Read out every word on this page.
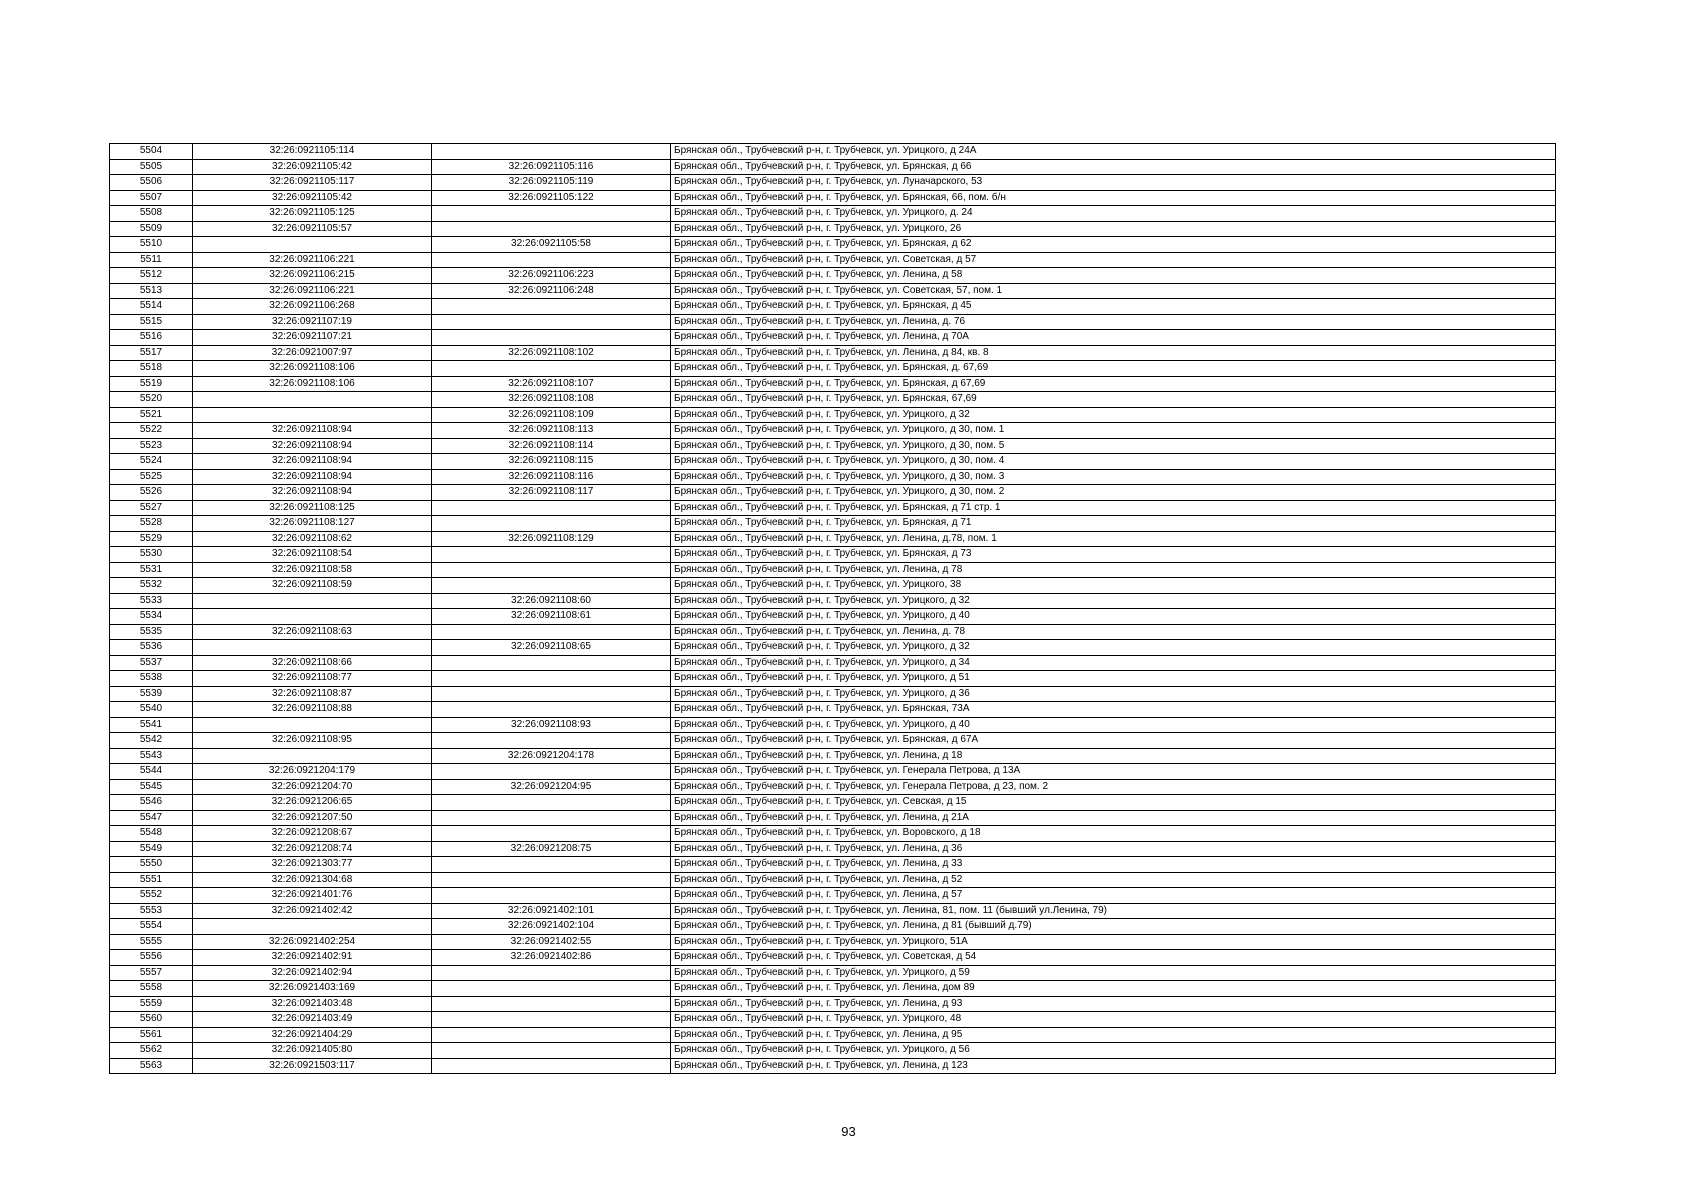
5504	32:26:0921105:114		Брянская обл., Трубчевский р-н, г. Трубчевск, ул. Урицкого, д 24А
5505	32:26:0921105:42	32:26:0921105:116	Брянская обл., Трубчевский р-н, г. Трубчевск, ул. Брянская, д 66
5506	32:26:0921105:117	32:26:0921105:119	Брянская обл., Трубчевский р-н, г. Трубчевск, ул. Луначарского, 53
5507	32:26:0921105:42	32:26:0921105:122	Брянская обл., Трубчевский р-н, г. Трубчевск, ул. Брянская, 66, пом. б/н
5508	32:26:0921105:125		Брянская обл., Трубчевский р-н, г. Трубчевск, ул. Урицкого, д. 24
5509	32:26:0921105:57		Брянская обл., Трубчевский р-н, г. Трубчевск, ул. Урицкого, 26
5510		32:26:0921105:58	Брянская обл., Трубчевский р-н, г. Трубчевск, ул. Брянская, д 62
5511	32:26:0921106:221		Брянская обл., Трубчевский р-н, г. Трубчевск, ул. Советская, д 57
5512	32:26:0921106:215	32:26:0921106:223	Брянская обл., Трубчевский р-н, г. Трубчевск, ул. Ленина, д 58
5513	32:26:0921106:221	32:26:0921106:248	Брянская обл., Трубчевский р-н, г. Трубчевск, ул. Советская, 57, пом. 1
5514	32:26:0921106:268		Брянская обл., Трубчевский р-н, г. Трубчевск, ул. Брянская, д 45
5515	32:26:0921107:19		Брянская обл., Трубчевский р-н, г. Трубчевск, ул. Ленина, д. 76
5516	32:26:0921107:21		Брянская обл., Трубчевский р-н, г. Трубчевск, ул. Ленина, д 70А
5517	32:26:0921007:97	32:26:0921108:102	Брянская обл., Трубчевский р-н, г. Трубчевск, ул. Ленина, д 84, кв. 8
5518	32:26:0921108:106		Брянская обл., Трубчевский р-н, г. Трубчевск, ул. Брянская, д. 67,69
5519	32:26:0921108:106	32:26:0921108:107	Брянская обл., Трубчевский р-н, г. Трубчевск, ул. Брянская, д 67,69
5520		32:26:0921108:108	Брянская обл., Трубчевский р-н, г. Трубчевск, ул. Брянская, 67,69
5521		32:26:0921108:109	Брянская обл., Трубчевский р-н, г. Трубчевск, ул. Урицкого, д 32
5522	32:26:0921108:94	32:26:0921108:113	Брянская обл., Трубчевский р-н, г. Трубчевск, ул. Урицкого, д 30, пом. 1
5523	32:26:0921108:94	32:26:0921108:114	Брянская обл., Трубчевский р-н, г. Трубчевск, ул. Урицкого, д 30, пом. 5
5524	32:26:0921108:94	32:26:0921108:115	Брянская обл., Трубчевский р-н, г. Трубчевск, ул. Урицкого, д 30, пом. 4
5525	32:26:0921108:94	32:26:0921108:116	Брянская обл., Трубчевский р-н, г. Трубчевск, ул. Урицкого, д 30, пом. 3
5526	32:26:0921108:94	32:26:0921108:117	Брянская обл., Трубчевский р-н, г. Трубчевск, ул. Урицкого, д 30, пом. 2
5527	32:26:0921108:125		Брянская обл., Трубчевский р-н, г. Трубчевск, ул. Брянская, д 71 стр. 1
5528	32:26:0921108:127		Брянская обл., Трубчевский р-н, г. Трубчевск, ул. Брянская, д 71
5529	32:26:0921108:62	32:26:0921108:129	Брянская обл., Трубчевский р-н, г. Трубчевск, ул. Ленина, д.78, пом. 1
5530	32:26:0921108:54		Брянская обл., Трубчевский р-н, г. Трубчевск, ул. Брянская, д 73
5531	32:26:0921108:58		Брянская обл., Трубчевский р-н, г. Трубчевск, ул. Ленина, д 78
5532	32:26:0921108:59		Брянская обл., Трубчевский р-н, г. Трубчевск, ул. Урицкого, 38
5533		32:26:0921108:60	Брянская обл., Трубчевский р-н, г. Трубчевск, ул. Урицкого, д 32
5534		32:26:0921108:61	Брянская обл., Трубчевский р-н, г. Трубчевск, ул. Урицкого, д 40
5535	32:26:0921108:63		Брянская обл., Трубчевский р-н, г. Трубчевск, ул. Ленина, д. 78
5536		32:26:0921108:65	Брянская обл., Трубчевский р-н, г. Трубчевск, ул. Урицкого, д 32
5537	32:26:0921108:66		Брянская обл., Трубчевский р-н, г. Трубчевск, ул. Урицкого, д 34
5538	32:26:0921108:77		Брянская обл., Трубчевский р-н, г. Трубчевск, ул. Урицкого, д 51
5539	32:26:0921108:87		Брянская обл., Трубчевский р-н, г. Трубчевск, ул. Урицкого, д 36
5540	32:26:0921108:88		Брянская обл., Трубчевский р-н, г. Трубчевск, ул. Брянская, 73А
5541		32:26:0921108:93	Брянская обл., Трубчевский р-н, г. Трубчевск, ул. Урицкого, д 40
5542	32:26:0921108:95		Брянская обл., Трубчевский р-н, г. Трубчевск, ул. Брянская, д 67А
5543		32:26:0921204:178	Брянская обл., Трубчевский р-н, г. Трубчевск, ул. Ленина, д 18
5544	32:26:0921204:179		Брянская обл., Трубчевский р-н, г. Трубчевск, ул. Генерала Петрова, д 13А
5545	32:26:0921204:70	32:26:0921204:95	Брянская обл., Трубчевский р-н, г. Трубчевск, ул. Генерала Петрова, д 23, пом. 2
5546	32:26:0921206:65		Брянская обл., Трубчевский р-н, г. Трубчевск, ул. Севская, д 15
5547	32:26:0921207:50		Брянская обл., Трубчевский р-н, г. Трубчевск, ул. Ленина, д 21А
5548	32:26:0921208:67		Брянская обл., Трубчевский р-н, г. Трубчевск, ул. Воровского, д 18
5549	32:26:0921208:74	32:26:0921208:75	Брянская обл., Трубчевский р-н, г. Трубчевск, ул. Ленина, д 36
5550	32:26:0921303:77		Брянская обл., Трубчевский р-н, г. Трубчевск, ул. Ленина, д 33
5551	32:26:0921304:68		Брянская обл., Трубчевский р-н, г. Трубчевск, ул. Ленина, д 52
5552	32:26:0921401:76		Брянская обл., Трубчевский р-н, г. Трубчевск, ул. Ленина, д 57
5553	32:26:0921402:42	32:26:0921402:101	Брянская обл., Трубчевский р-н, г. Трубчевск, ул. Ленина, 81, пом. 11 (бывший ул.Ленина, 79)
5554		32:26:0921402:104	Брянская обл., Трубчевский р-н, г. Трубчевск, ул. Ленина, д 81 (бывший д.79)
5555	32:26:0921402:254	32:26:0921402:55	Брянская обл., Трубчевский р-н, г. Трубчевск, ул. Урицкого, 51А
5556	32:26:0921402:91	32:26:0921402:86	Брянская обл., Трубчевский р-н, г. Трубчевск, ул. Советская, д 54
5557	32:26:0921402:94		Брянская обл., Трубчевский р-н, г. Трубчевск, ул. Урицкого, д 59
5558	32:26:0921403:169		Брянская обл., Трубчевский р-н, г. Трубчевск, ул. Ленина, дом 89
5559	32:26:0921403:48		Брянская обл., Трубчевский р-н, г. Трубчевск, ул. Ленина, д 93
5560	32:26:0921403:49		Брянская обл., Трубчевский р-н, г. Трубчевск, ул. Урицкого, 48
5561	32:26:0921404:29		Брянская обл., Трубчевский р-н, г. Трубчевск, ул. Ленина, д 95
5562	32:26:0921405:80		Брянская обл., Трубчевский р-н, г. Трубчевск, ул. Урицкого, д 56
5563	32:26:0921503:117		Брянская обл., Трубчевский р-н, г. Трубчевск, ул. Ленина, д 123
93
